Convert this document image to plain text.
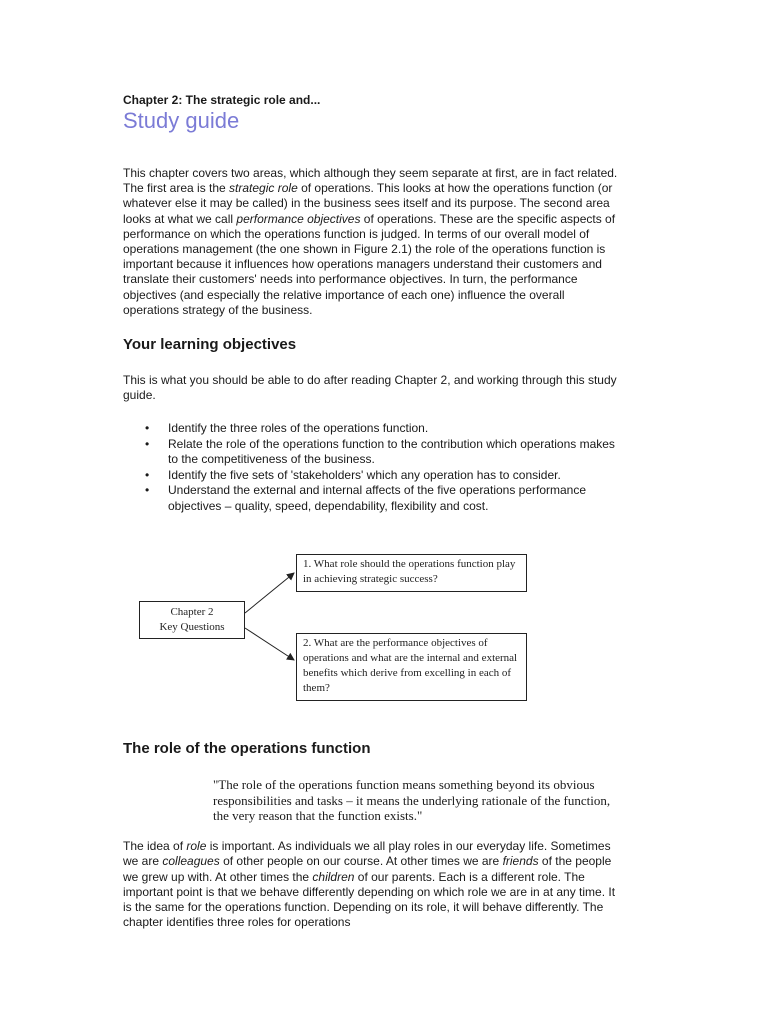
Chapter 2: The strategic role and...
Study guide

This chapter covers two areas, which although they seem separate at first, are in fact related. The first area is the strategic role of operations. This looks at how the operations function (or whatever else it may be called) in the business sees itself and its purpose. The second area looks at what we call performance objectives of operations. These are the specific aspects of performance on which the operations function is judged. In terms of our overall model of operations management (the one shown in Figure 2.1) the role of the operations function is important because it influences how operations managers understand their customers and translate their customers' needs into performance objectives. In turn, the performance objectives (and especially the relative importance of each one) influence the overall operations strategy of the business.

Your learning objectives

This is what you should be able to do after reading Chapter 2, and working through this study guide.

• Identify the three roles of the operations function.
• Relate the role of the operations function to the contribution which operations makes to the competitiveness of the business.
• Identify the five sets of 'stakeholders' which any operation has to consider.
• Understand the external and internal affects of the five operations performance objectives – quality, speed, dependability, flexibility and cost.
Chapter 2
Key Questions
1. What role should the operations function play in achieving strategic success?
2. What are the performance objectives of operations and what are the internal and external benefits which derive from excelling in each of them?
The role of the operations function

"The role of the operations function means something beyond its obvious responsibilities and tasks – it means the underlying rationale of the function, the very reason that the function exists."

The idea of role is important. As individuals we all play roles in our everyday life. Sometimes we are colleagues of other people on our course. At other times we are friends of the people we grew up with. At other times the children of our parents. Each is a different role. The important point is that we behave differently depending on which role we are in at any time. It is the same for the operations function. Depending on its role, it will behave differently. The chapter identifies three roles for operations
